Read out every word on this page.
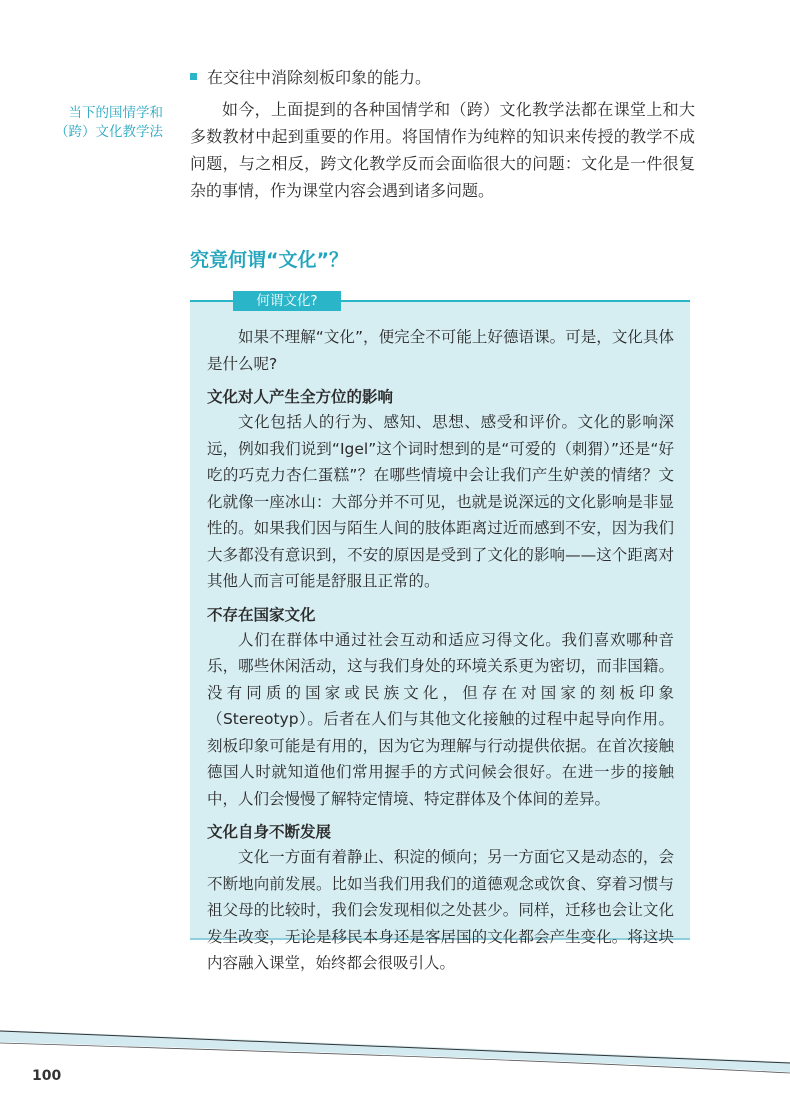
在交往中消除刻板印象的能力。
当下的国情学和
（跨）文化教学法

如今，上面提到的各种国情学和（跨）文化教学法都在课堂上和大多数教材中起到重要的作用。将国情作为纯粹的知识来传授的教学不成问题，与之相反，跨文化教学反而会面临很大的问题：文化是一件很复杂的事情，作为课堂内容会遇到诸多问题。

究竟何谓“文化”？

如果不理解“文化”，便完全不可能上好德语课。可是，文化具体是什么呢?

文化对人产生全方位的影响

文化包括人的行为、感知、思想、感受和评价。文化的影响深远，例如我们说到“Igel”这个词时想到的是“可爱的（刺猬）”还是“好吃的巧克力杏仁蛋糕”？在哪些情境中会让我们产生妒羡的情绪？文化就像一座冰山：大部分并不可见，也就是说深远的文化影响是非显性的。如果我们因与陌生人间的肢体距离过近而感到不安，因为我们大多都没有意识到，不安的原因是受到了文化的影响——这个距离对其他人而言可能是舒服且正常的。

不存在国家文化

人们在群体中通过社会互动和适应习得文化。我们喜欢哪种音乐，哪些休闲活动，这与我们身处的环境关系更为密切，而非国籍。没有同质的国家或民族文化，但存在对国家的刻板印象（Stereotyp）。后者在人们与其他文化接触的过程中起导向作用。刻板印象可能是有用的，因为它为理解与行动提供依据。在首次接触德国人时就知道他们常用握手的方式问候会很好。在进一步的接触中，人们会慢慢了解特定情境、特定群体及个体间的差异。

文化自身不断发展

文化一方面有着静止、积淀的倾向；另一方面它又是动态的，会不断地向前发展。比如当我们用我们的道德观念或饮食、穿着习惯与祖父母的比较时，我们会发现相似之处甚少。同样，迁移也会让文化发生改变，无论是移民本身还是客居国的文化都会产生变化。将这块内容融入课堂，始终都会很吸引人。

何谓文化?
100
